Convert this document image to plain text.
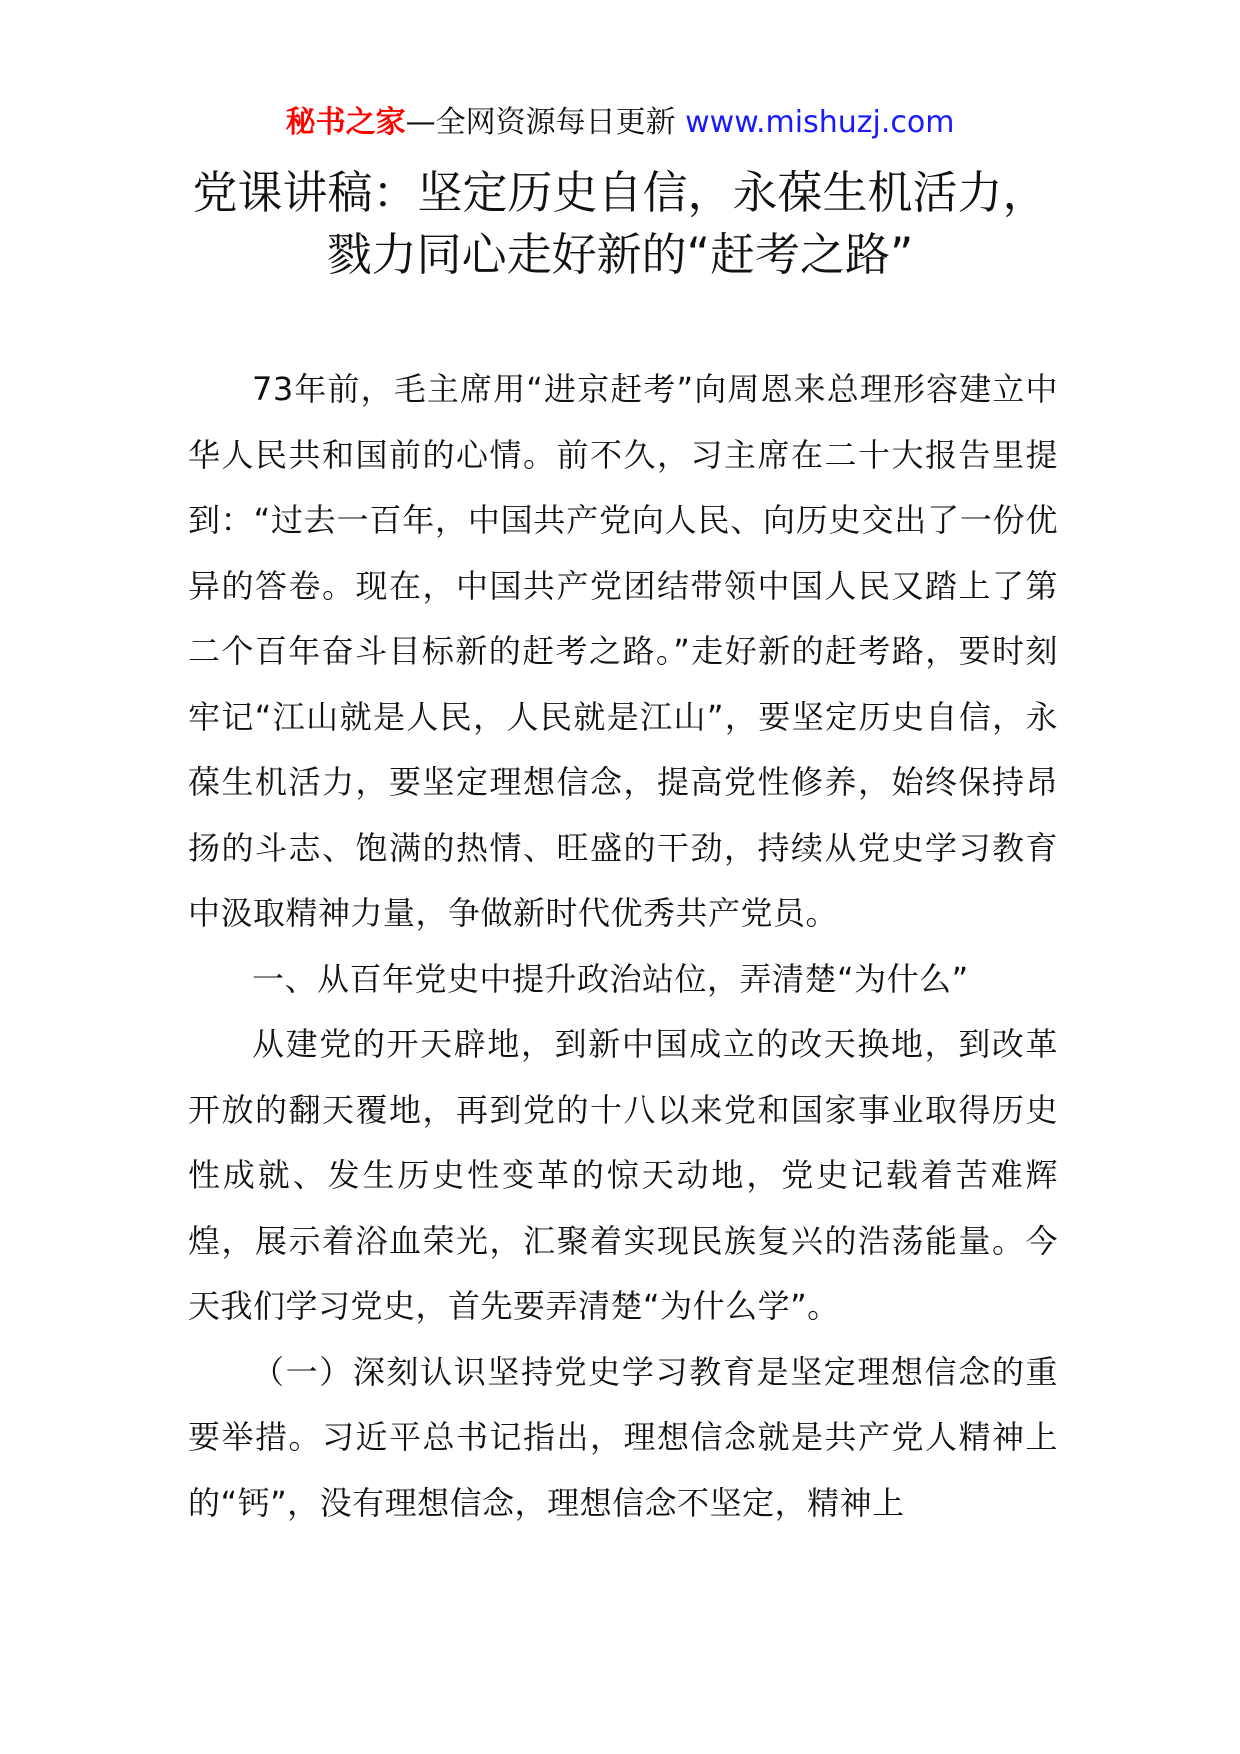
秘书之家—全网资源每日更新 www.mishuzj.com
党课讲稿：坚定历史自信，永葆生机活力，戮力同心走好新的“赶考之路”

73年前，毛主席用“进京赶考”向周恩来总理形容建立中华人民共和国前的心情。前不久，习主席在二十大报告里提到：“过去一百年，中国共产党向人民、向历史交出了一份优异的答卷。现在，中国共产党团结带领中国人民又踏上了第二个百年奋斗目标新的赶考之路。”走好新的赶考路，要时刻牢记“江山就是人民，人民就是江山”，要坚定历史自信，永葆生机活力，要坚定理想信念，提高党性修养，始终保持昂扬的斗志、饱满的热情、旺盛的干劲，持续从党史学习教育中汲取精神力量，争做新时代优秀共产党员。

一、从百年党史中提升政治站位，弄清楚“为什么”

从建党的开天辟地，到新中国成立的改天换地，到改革开放的翻天覆地，再到党的十八以来党和国家事业取得历史性成就、发生历史性变革的惊天动地，党史记载着苦难辉煌，展示着浴血荣光，汇聚着实现民族复兴的浩荡能量。今天我们学习党史，首先要弄清楚“为什么学”。

（一）深刻认识坚持党史学习教育是坚定理想信念的重要举措。习近平总书记指出，理想信念就是共产党人精神上的“钙”，没有理想信念，理想信念不坚定，精神上
